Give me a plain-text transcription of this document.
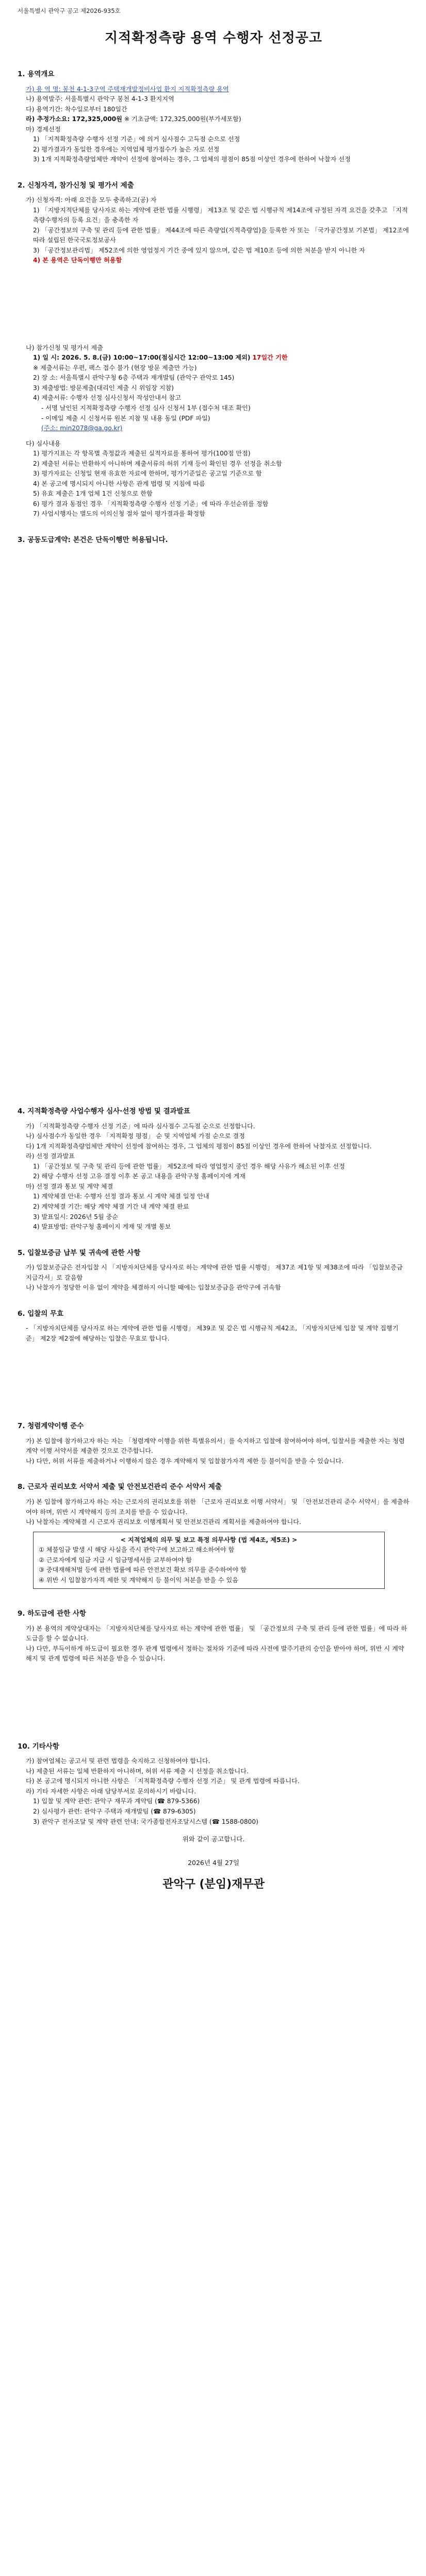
서울특별시 관악구 공고 제2026-935호
지적확정측량 용역 수행자 선정공고
1. 용역개요
가) 용 역 명: 봉천 4-1-3구역 주택재개발정비사업 환지 지적확정측량 용역
나) 용역발주: 서울특별시 관악구 봉천 4-1-3 환지지역
다) 용역기간: 착수일로부터 180일간
라) 추정가소요: 172,325,000원 ※ 기초금액: 172,325,000원(부가세포함)
마) 경제선정
1) 「지적확정측량 수행자 선정 기준」에 의거 심사점수 고득점 순으로 선정
2) 평가결과가 동일한 경우에는 지역업체 평가점수가 높은 자로 선정
3) 1개 지적확정측량업체만 계약이 선정에 참여하는 경우, 그 업체의 평점이 85점 이상인 경우에 한하여 낙찰자 선정
2. 신청자격, 참가신청 및 평가서 제출
가) 신청자격: 아래 요건을 모두 충족하고(공) 자
1) 「지방지적단체를 당사자로 하는 계약에 관한 법률 시행령」 제13조 및 같은 법 시행규칙 제14조에 규정된 자격 요건을 갖추고 「지적측량수행자의 등록 요건」을 충족한 자
2) 「공간정보의 구축 및 관리 등에 관한 법률」 제44조에 따른 측량업(지적측량업)을 등록한 자 또는 「국가공간정보 기본법」 제12조에 따라 설립된 한국국토정보공사
3) 「공간정보관리법」 제52조에 의한 영업정지 기간 중에 있지 않으며, 같은 법 제10조 등에 의한 처분을 받지 아니한 자
4) 본 용역은 단독이행만 허용함
나) 참가신청 및 평가서 제출
1) 일 시: 2026. 5. 8.(금) 10:00~17:00(점심시간 12:00~13:00 제외) 17일간 기한
※ 제출서류는 우편, 팩스 접수 불가 (현장 방문 제출만 가능)
2) 장 소: 서울특별시 관악구청 6층 주택과 재개발팀 (관악구 관악로 145)
3) 제출방법: 방문제출(대리인 제출 시 위임장 지참)
4) 제출서류: 수행자 선정 심사신청서 작성안내서 참고
- 서명 날인된 지적확정측량 수행자 선정 심사 신청서 1부 (접수처 대조 확인)
- 이메일 제출 시 신청서류 원본 지참 및 내용 동일 (PDF 파일)
(주소: min2078@ga.go.kr)
다) 심사내용
1) 평가지표는 각 항목별 측정값과 제출된 실적자료를 통하여 평가(100점 만점)
2) 제출된 서류는 반환하지 아니하며 제출서류의 허위 기재 등이 확인된 경우 선정을 취소함
3) 평가자료는 신청일 현재 유효한 자료에 한하며, 평가기준일은 공고일 기준으로 함
4) 본 공고에 명시되지 아니한 사항은 관계 법령 및 지침에 따름
5) 유효 제출은 1개 업체 1건 신청으로 한함
6) 평가 결과 동점인 경우 「지적확정측량 수행자 선정 기준」에 따라 우선순위를 정함
7) 사업시행자는 별도의 이의신청 절차 없이 평가결과를 확정함
3. 공동도급계약: 본건은 단독이행만 허용됩니다.
4. 지적확정측량 사업수행자 심사·선정 방법 및 결과발표
가) 「지적확정측량 수행자 선정 기준」에 따라 심사점수 고득점 순으로 선정합니다.
나) 심사점수가 동일한 경우 「지적확정 평점」 순 및 지역업체 가점 순으로 결정
다) 1개 지적확정측량업체만 계약이 선정에 참여하는 경우, 그 업체의 평점이 85점 이상인 경우에 한하여 낙찰자로 선정합니다.
라) 선정 결과발표
1) 「공간정보 및 구축 및 관리 등에 관한 법률」 제52조에 따라 영업정지 중인 경우 해당 사유가 해소된 이후 선정
2) 해당 수행자 선정 고유 결정 이후 본 공고 내용을 관악구청 홈페이지에 게재
마) 선정 결과 통보 및 계약 체결
1) 계약체결 안내: 수행자 선정 결과 통보 시 계약 체결 일정 안내
2) 계약체결 기간: 해당 계약 체결 기간 내 계약 체결 완료
3) 발표일시: 2026년 5월 중순
4) 발표방법: 관악구청 홈페이지 게재 및 개별 통보
5. 입찰보증금 납부 및 귀속에 관한 사항
가) 입찰보증금은 전자입찰 시 「지방자치단체를 당사자로 하는 계약에 관한 법률 시행령」 제37조 제1항 및 제38조에 따라 「입찰보증금 지급각서」로 갈음함
나) 낙찰자가 정당한 이유 없이 계약을 체결하지 아니할 때에는 입찰보증금을 관악구에 귀속함
6. 입찰의 무효
- 「지방자치단체를 당사자로 하는 계약에 관한 법률 시행령」 제39조 및 같은 법 시행규칙 제42조, 「지방자치단체 입찰 및 계약 집행기준」 제2장 제2절에 해당하는 입찰은 무효로 합니다.
7. 청렴계약이행 준수
가) 본 입찰에 참가하고자 하는 자는 「청렴계약 이행을 위한 특별유의서」를 숙지하고 입찰에 참여하여야 하며, 입찰서를 제출한 자는 청렴계약 이행 서약서를 제출한 것으로 간주합니다.
나) 다만, 허위 서류를 제출하거나 이행하지 않은 경우 계약해지 및 입찰참가자격 제한 등 불이익을 받을 수 있습니다.
8. 근로자 권리보호 서약서 제출 및 안전보건관리 준수 서약서 제출
가) 본 입찰에 참가하고자 하는 자는 근로자의 권리보호를 위한 「근로자 권리보호 이행 서약서」 및 「안전보건관리 준수 서약서」를 제출하여야 하며, 위반 시 계약해지 등의 조치를 받을 수 있습니다.
나) 낙찰자는 계약체결 시 근로자 권리보호 이행계획서 및 안전보건관리 계획서를 제출하여야 합니다.
< 지적업체의 의무 및 보고 특정 의무사항 (법 제4조, 제5조) >
① 체불임금 발생 시 해당 사실을 즉시 관악구에 보고하고 해소하여야 함
② 근로자에게 임금 지급 시 임금명세서를 교부하여야 함
③ 중대재해처벌 등에 관한 법률에 따른 안전보건 확보 의무를 준수하여야 함
④ 위반 시 입찰참가자격 제한 및 계약해지 등 불이익 처분을 받을 수 있음
9. 하도급에 관한 사항
가) 본 용역의 계약상대자는 「지방자치단체를 당사자로 하는 계약에 관한 법률」 및 「공간정보의 구축 및 관리 등에 관한 법률」에 따라 하도급을 할 수 없습니다.
나) 다만, 부득이하게 하도급이 필요한 경우 관계 법령에서 정하는 절차와 기준에 따라 사전에 발주기관의 승인을 받아야 하며, 위반 시 계약해지 및 관계 법령에 따른 처분을 받을 수 있습니다.
10. 기타사항
가) 참여업체는 공고서 및 관련 법령을 숙지하고 신청하여야 합니다.
나) 제출된 서류는 일체 반환하지 아니하며, 허위 서류 제출 시 선정을 취소합니다.
다) 본 공고에 명시되지 아니한 사항은 「지적확정측량 수행자 선정 기준」 및 관계 법령에 따릅니다.
라) 기타 자세한 사항은 아래 담당부서로 문의하시기 바랍니다.
1) 입찰 및 계약 관련: 관악구 재무과 계약팀 (☎ 879-5366)
2) 심사평가 관련: 관악구 주택과 재개발팀 (☎ 879-6305)
3) 관악구 전자조달 및 계약 관련 안내: 국가종합전자조달시스템 (☎ 1588-0800)
위와 같이 공고합니다.
2026년 4월 27일
관악구 (분임)재무관
